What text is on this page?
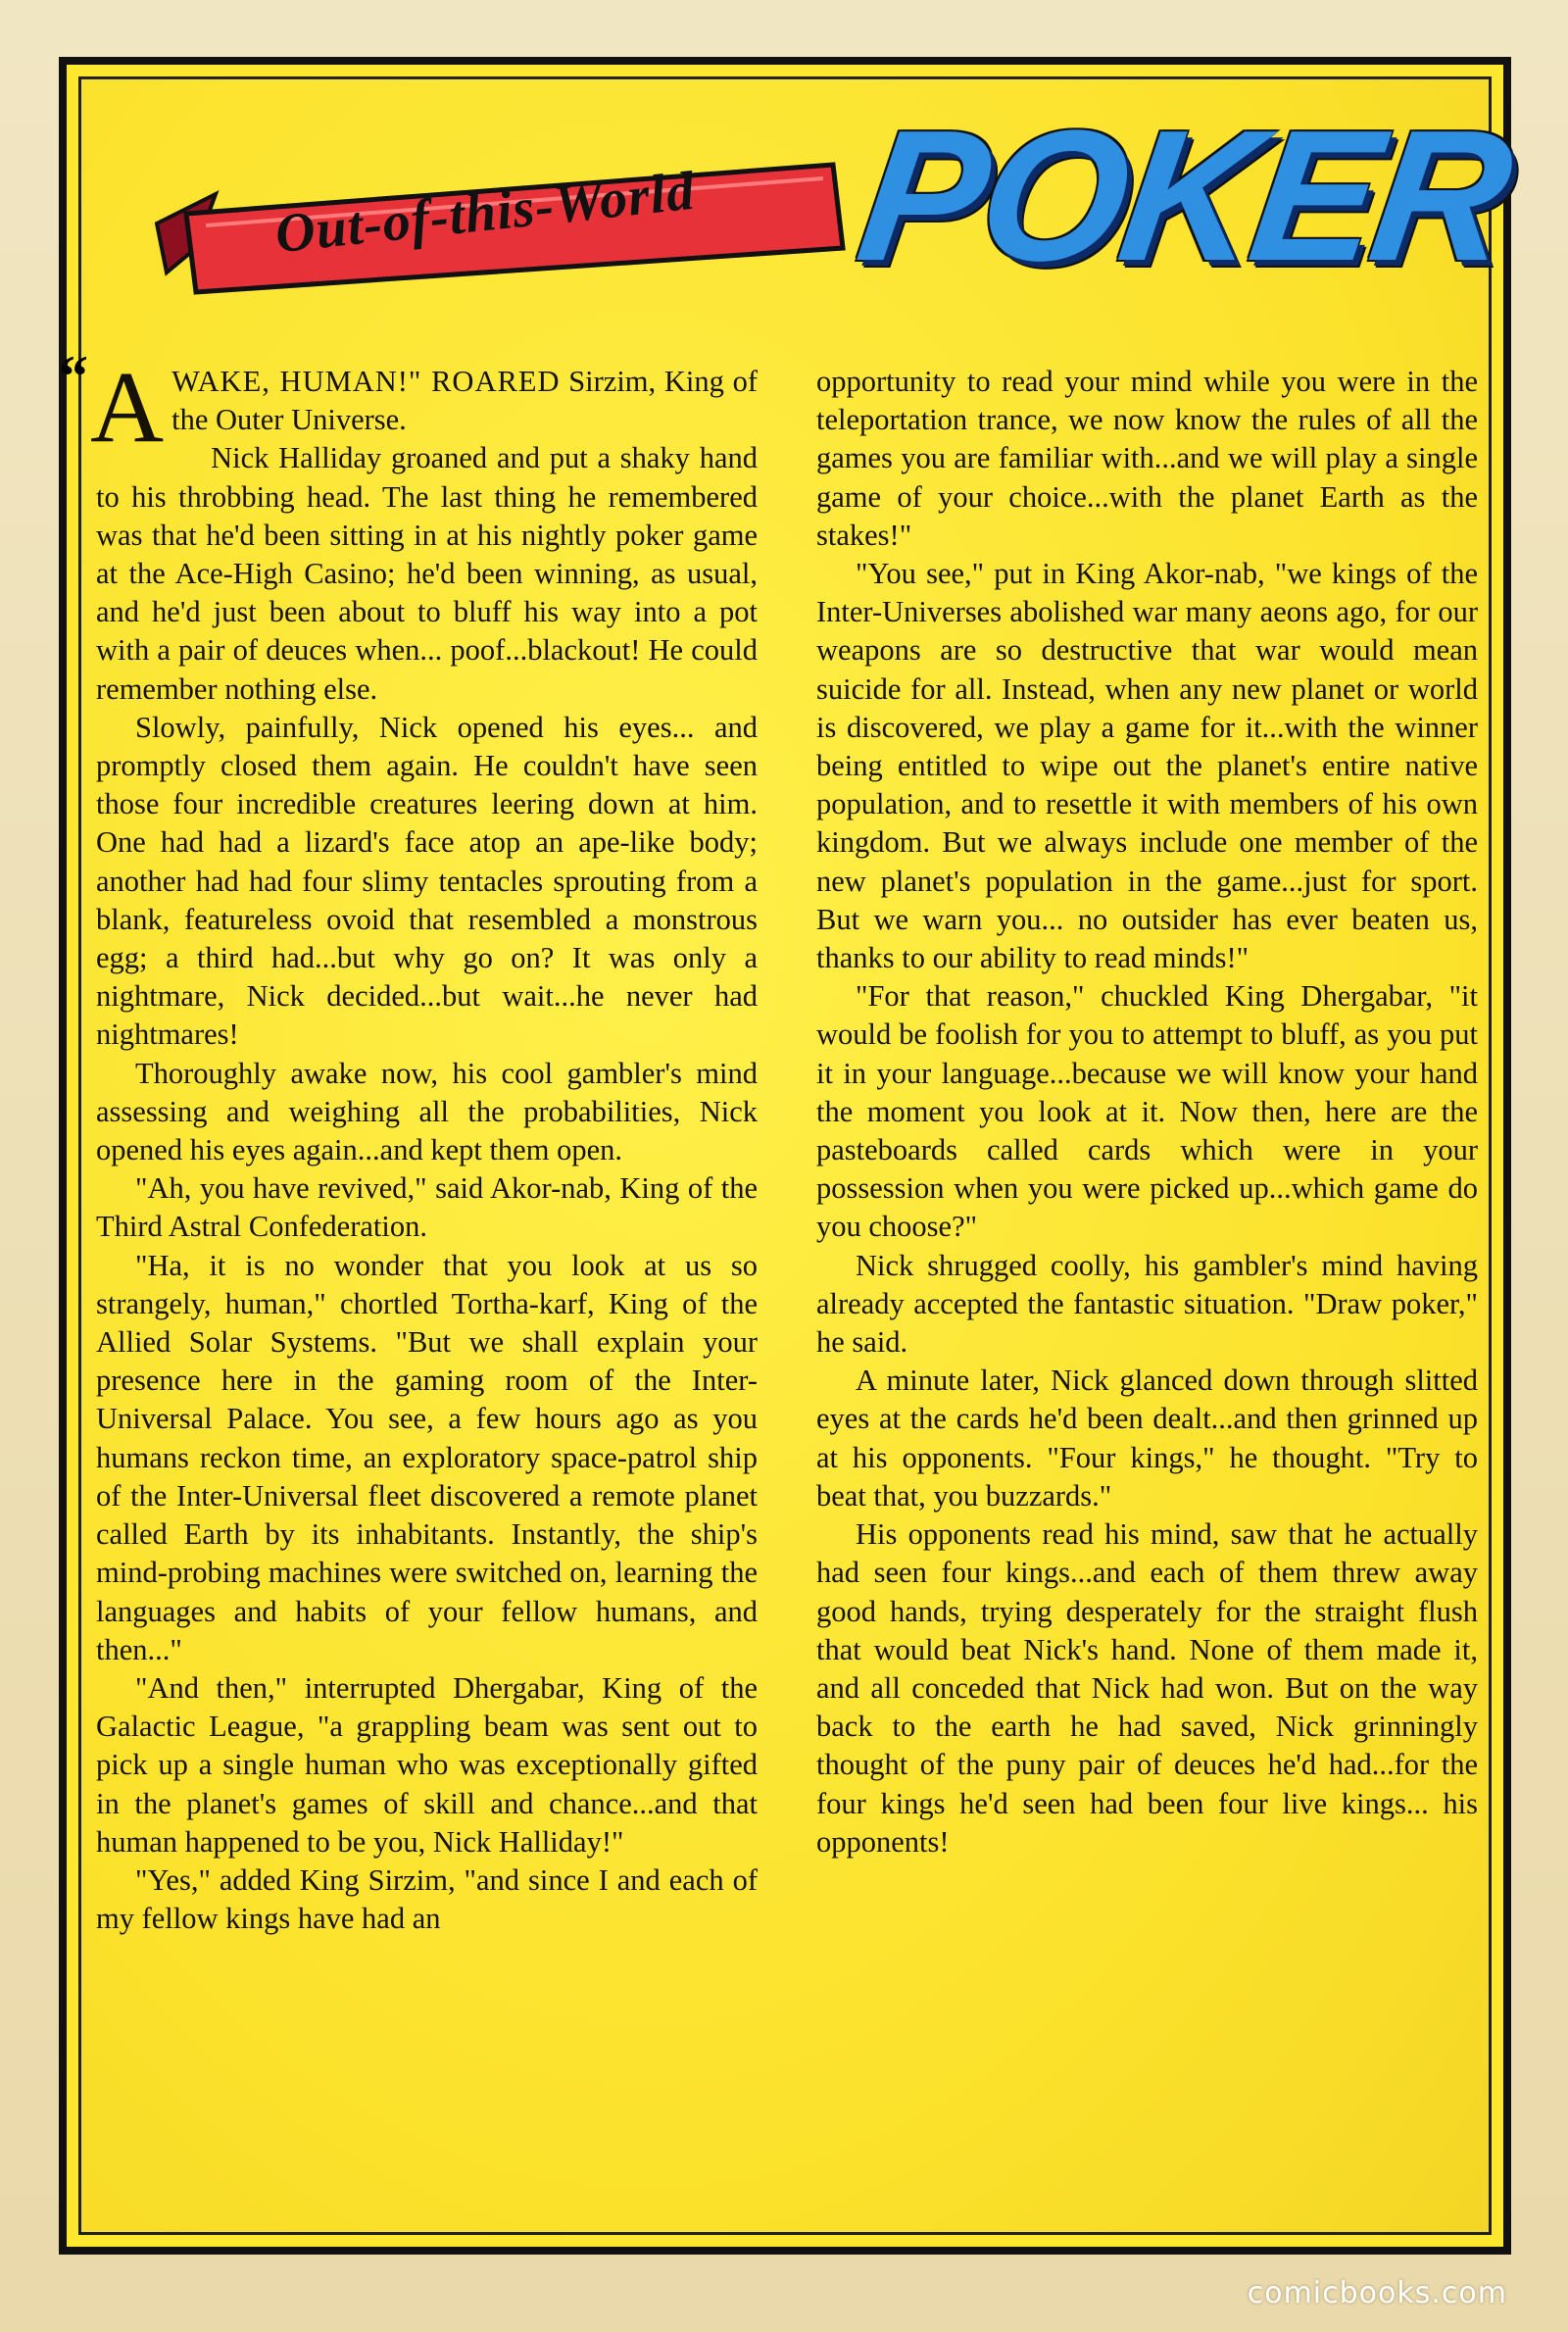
Out-of-this-World POKER
“ AWAKE, HUMAN!" ROARED Sirzim, King of the Outer Universe.

Nick Halliday groaned and put a shaky hand to his throbbing head. The last thing he remembered was that he'd been sitting in at his nightly poker game at the Ace-High Casino; he'd been winning, as usual, and he'd just been about to bluff his way into a pot with a pair of deuces when... poof...blackout! He could remember nothing else.

Slowly, painfully, Nick opened his eyes... and promptly closed them again. He couldn't have seen those four incredible creatures leering down at him. One had had a lizard's face atop an ape-like body; another had had four slimy tentacles sprouting from a blank, featureless ovoid that resembled a monstrous egg; a third had...but why go on? It was only a nightmare, Nick decided...but wait...he never had nightmares!

Thoroughly awake now, his cool gambler's mind assessing and weighing all the probabilities, Nick opened his eyes again...and kept them open.

"Ah, you have revived," said Akor-nab, King of the Third Astral Confederation.

"Ha, it is no wonder that you look at us so strangely, human," chortled Tortha-karf, King of the Allied Solar Systems. "But we shall explain your presence here in the gaming room of the Inter-Universal Palace. You see, a few hours ago as you humans reckon time, an exploratory space-patrol ship of the Inter-Universal fleet discovered a remote planet called Earth by its inhabitants. Instantly, the ship's mind-probing machines were switched on, learning the languages and habits of your fellow humans, and then..."

"And then," interrupted Dhergabar, King of the Galactic League, "a grappling beam was sent out to pick up a single human who was exceptionally gifted in the planet's games of skill and chance...and that human happened to be you, Nick Halliday!"

"Yes," added King Sirzim, "and since I and each of my fellow kings have had an

opportunity to read your mind while you were in the teleportation trance, we now know the rules of all the games you are familiar with...and we will play a single game of your choice...with the planet Earth as the stakes!"

"You see," put in King Akor-nab, "we kings of the Inter-Universes abolished war many aeons ago, for our weapons are so destructive that war would mean suicide for all. Instead, when any new planet or world is discovered, we play a game for it...with the winner being entitled to wipe out the planet's entire native population, and to resettle it with members of his own kingdom. But we always include one member of the new planet's population in the game...just for sport. But we warn you... no outsider has ever beaten us, thanks to our ability to read minds!"

"For that reason," chuckled King Dhergabar, "it would be foolish for you to attempt to bluff, as you put it in your language...because we will know your hand the moment you look at it. Now then, here are the pasteboards called cards which were in your possession when you were picked up...which game do you choose?"

Nick shrugged coolly, his gambler's mind having already accepted the fantastic situation. "Draw poker," he said.

A minute later, Nick glanced down through slitted eyes at the cards he'd been dealt...and then grinned up at his opponents. "Four kings," he thought. "Try to beat that, you buzzards."

His opponents read his mind, saw that he actually had seen four kings...and each of them threw away good hands, trying desperately for the straight flush that would beat Nick's hand. None of them made it, and all conceded that Nick had won. But on the way back to the earth he had saved, Nick grinningly thought of the puny pair of deuces he'd had...for the four kings he'd seen had been four live kings... his opponents!

comicbooks.com
